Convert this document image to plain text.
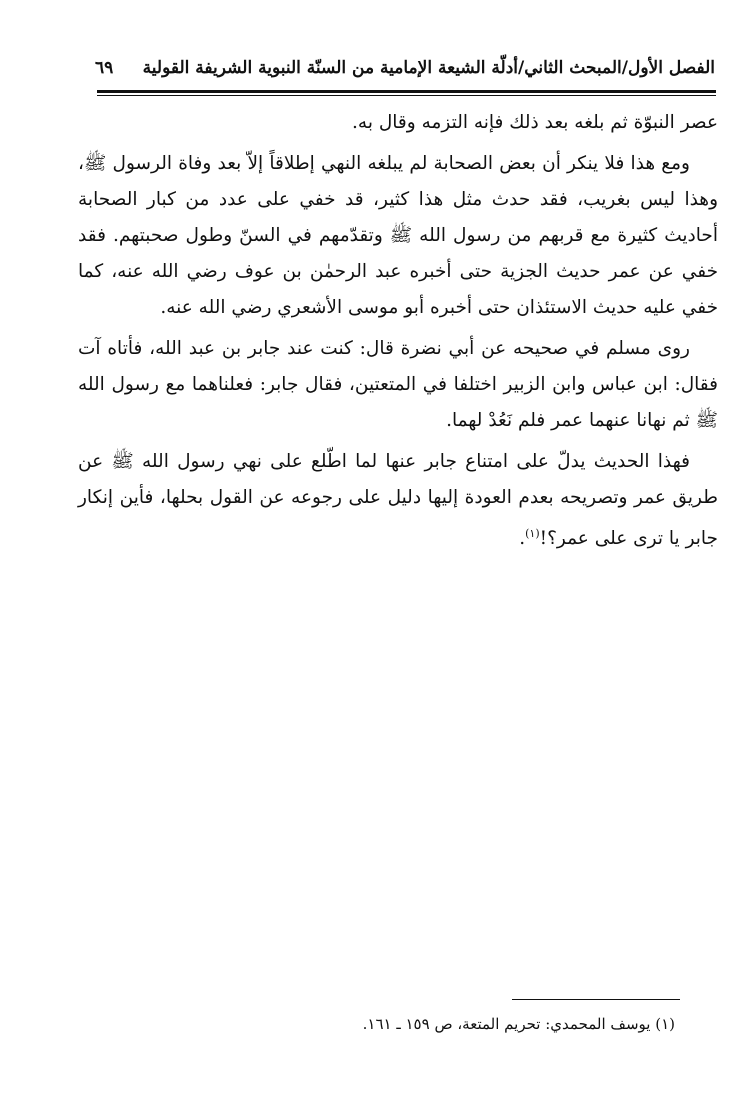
الفصل الأول/المبحث الثاني/أدلّة الشيعة الإمامية من السنّة النبوية الشريفة القولية
٦٩

عصر النبوّة ثم بلغه بعد ذلك فإنه التزمه وقال به.

ومع هذا فلا ينكر أن بعض الصحابة لم يبلغه النهي إطلاقاً إلاّ بعد وفاة الرسول ﷺ، وهذا ليس بغريب، فقد حدث مثل هذا كثير، قد خفي على عدد من كبار الصحابة أحاديث كثيرة مع قربهم من رسول الله ﷺ وتقدّمهم في السنّ وطول صحبتهم. فقد خفي عن عمر حديث الجزية حتى أخبره عبد الرحمٰن بن عوف رضي الله عنه، كما خفي عليه حديث الاستئذان حتى أخبره أبو موسى الأشعري رضي الله عنه.

روى مسلم في صحيحه عن أبي نضرة قال: كنت عند جابر بن عبد الله، فأتاه آت فقال: ابن عباس وابن الزبير اختلفا في المتعتين، فقال جابر: فعلناهما مع رسول الله ﷺ ثم نهانا عنهما عمر فلم نَعُدْ لهما.

فهذا الحديث يدلّ على امتناع جابر عنها لما اطّلع على نهي رسول الله ﷺ عن طريق عمر وتصريحه بعدم العودة إليها دليل على رجوعه عن القول بحلها، فأين إنكار جابر يا ترى على عمر؟!$^{(١)}$.

(١) يوسف المحمدي: تحريم المتعة، ص ١٥٩ ـ ١٦١.
